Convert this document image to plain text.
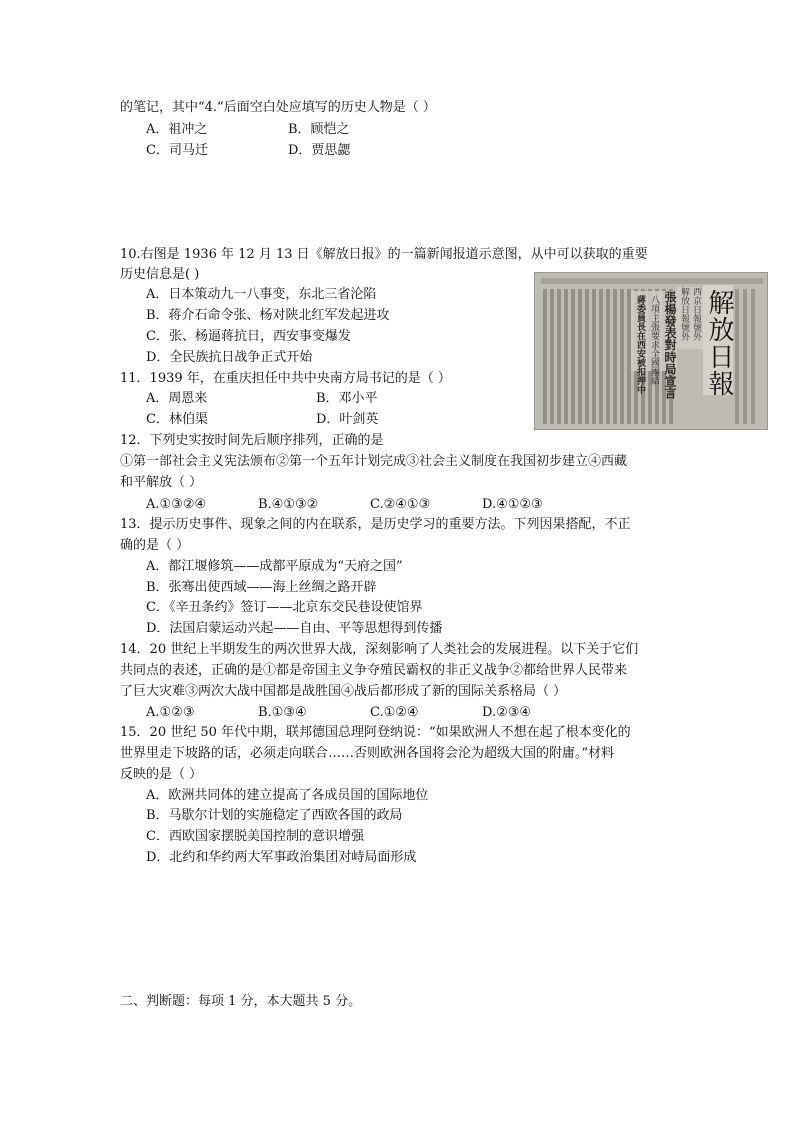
的笔记，其中“4.”后面空白处应填写的历史人物是（ ）
A．祖冲之	B．顾恺之
C．司马迁	D．贾思勰
10.右图是 1936 年 12 月 13 日《解放日报》的一篇新闻报道示意图，从中可以获取的重要
历史信息是( )
A．日本策动九一八事变，东北三省沦陷
B．蒋介石命令张、杨对陕北红军发起进攻
C．张、杨逼蒋抗日，西安事变爆发
D．全民族抗日战争正式开始
11．1939 年，在重庆担任中共中央南方局书记的是（ ）
A．周恩来	B．邓小平
C．林伯渠	D．叶剑英
張楊發表對時局宣言
八項主張要求全國團結
蔣委員長在西安被扣押中	西京日報號外
解放日報號外 解放日報
12．下列史实按时间先后顺序排列，正确的是
①第一部社会主义宪法颁布②第一个五年计划完成③社会主义制度在我国初步建立④西藏
和平解放（ ）
A.①③②④	B.④①③②	C.②④①③	D.④①②③
13．提示历史事件、现象之间的内在联系，是历史学习的重要方法。下列因果搭配，不正
确的是（ ）
A．都江堰修筑——成都平原成为“天府之国”
B．张骞出使西域——海上丝绸之路开辟
C．《辛丑条约》签订——北京东交民巷设使馆界
D．法国启蒙运动兴起——自由、平等思想得到传播
14．20 世纪上半期发生的两次世界大战，深刻影响了人类社会的发展进程。以下关于它们
共同点的表述，正确的是①都是帝国主义争夺殖民霸权的非正义战争②都给世界人民带来
了巨大灾难③两次大战中国都是战胜国④战后都形成了新的国际关系格局（ ）
A.①②③	B.①③④	C.①②④	D.②③④
15．20 世纪 50 年代中期，联邦德国总理阿登纳说：“如果欧洲人不想在起了根本变化的
世界里走下坡路的话，必须走向联合……否则欧洲各国将会沦为超级大国的附庸。”材料
反映的是（ ）
A．欧洲共同体的建立提高了各成员国的国际地位
B．马歇尔计划的实施稳定了西欧各国的政局
C．西欧国家摆脱美国控制的意识增强
D．北约和华约两大军事政治集团对峙局面形成
二、判断题：每项 1 分，本大题共 5 分。
